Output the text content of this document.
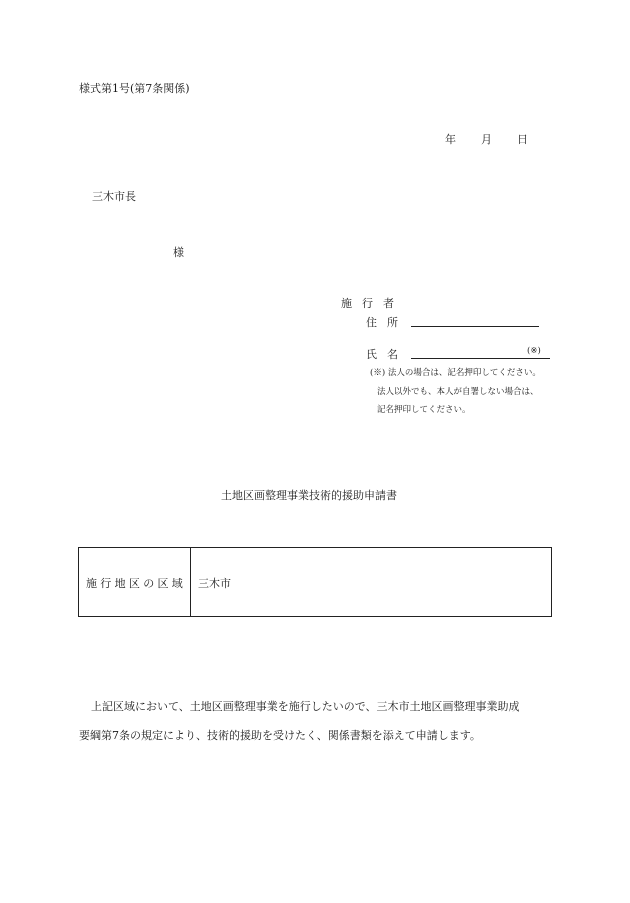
様式第1号(第7条関係)
年 月 日
三木市長
様
施行者
住所
氏名	(※)
(※) 法人の場合は、記名押印してください。
法人以外でも、本人が自署しない場合は、
記名押印してください。
土地区画整理事業技術的援助申請書
施行地区の区域 三木市
上記区域において、土地区画整理事業を施行したいので、三木市土地区画整理事業助成
要綱第7条の規定により、技術的援助を受けたく、関係書類を添えて申請します。
